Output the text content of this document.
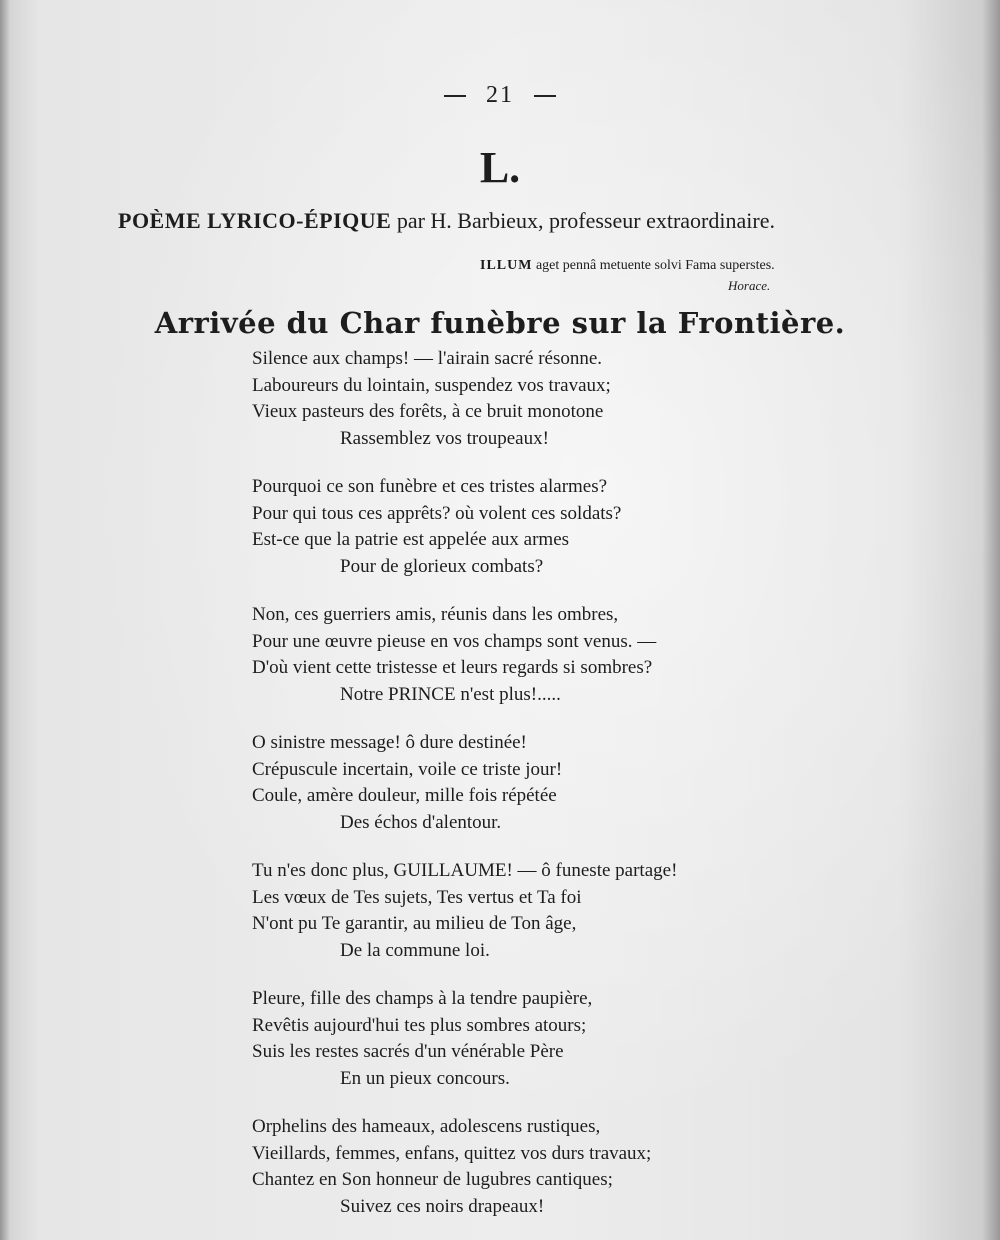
21
L.
POÈME LYRICO-ÉPIQUE par H. Barbieux, professeur extraordinaire.
ILLUM aget pennâ metuente solvi Fama superstes.
Horace.
Arrivée du Char funèbre sur la Frontière.
Silence aux champs! — l'airain sacré résonne.
Laboureurs du lointain, suspendez vos travaux;
Vieux pasteurs des forêts, à ce bruit monotone
Rassemblez vos troupeaux!
Pourquoi ce son funèbre et ces tristes alarmes?
Pour qui tous ces apprêts? où volent ces soldats?
Est-ce que la patrie est appelée aux armes
Pour de glorieux combats?
Non, ces guerriers amis, réunis dans les ombres,
Pour une œuvre pieuse en vos champs sont venus. —
D'où vient cette tristesse et leurs regards si sombres?
Notre PRINCE n'est plus!.....
O sinistre message! ô dure destinée!
Crépuscule incertain, voile ce triste jour!
Coule, amère douleur, mille fois répétée
Des échos d'alentour.
Tu n'es donc plus, GUILLAUME! — ô funeste partage!
Les vœux de Tes sujets, Tes vertus et Ta foi
N'ont pu Te garantir, au milieu de Ton âge,
De la commune loi.
Pleure, fille des champs à la tendre paupière,
Revêtis aujourd'hui tes plus sombres atours;
Suis les restes sacrés d'un vénérable Père
En un pieux concours.
Orphelins des hameaux, adolescens rustiques,
Vieillards, femmes, enfans, quittez vos durs travaux;
Chantez en Son honneur de lugubres cantiques;
Suivez ces noirs drapeaux!
